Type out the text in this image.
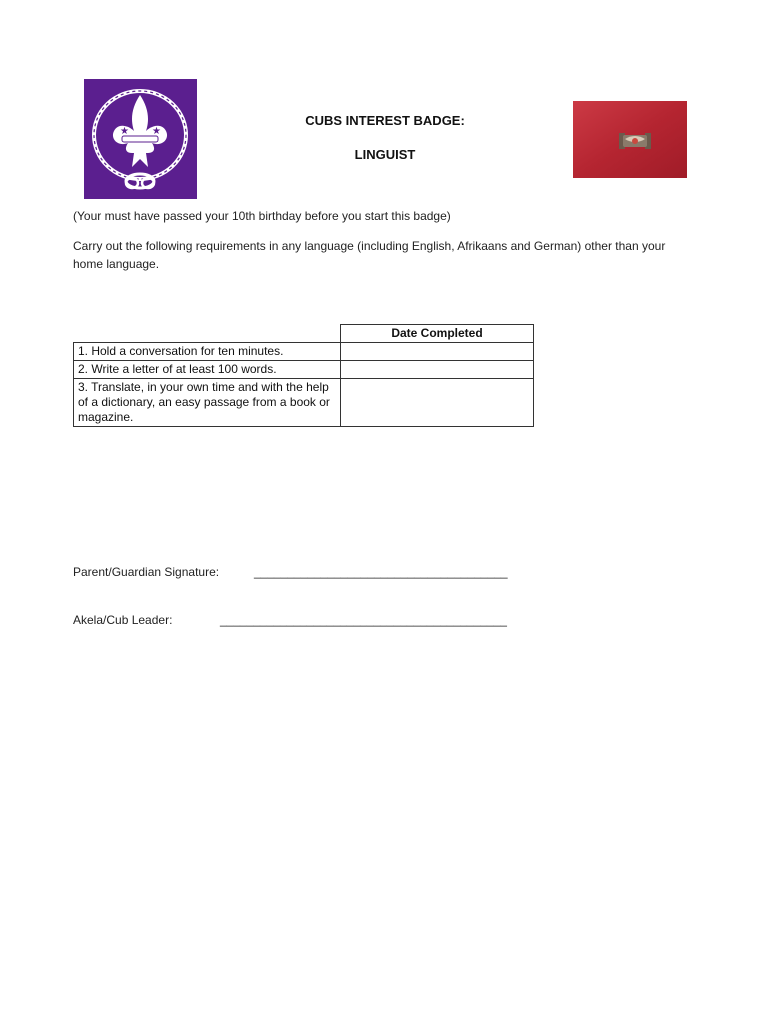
★ ★
CUBS INTEREST BADGE:
LINGUIST
(Your must have passed your 10th birthday before you start this badge)
Carry out the following requirements in any language (including English, Afrikaans and German) other than your home language.
	Date Completed
1. Hold a conversation for ten minutes.	
2. Write a letter of at least 100 words.	
3. Translate, in your own time and with the help of a dictionary, an easy passage from a book or magazine.	
Parent/Guardian Signature:	______________________________________
Akela/Cub Leader:	___________________________________________
